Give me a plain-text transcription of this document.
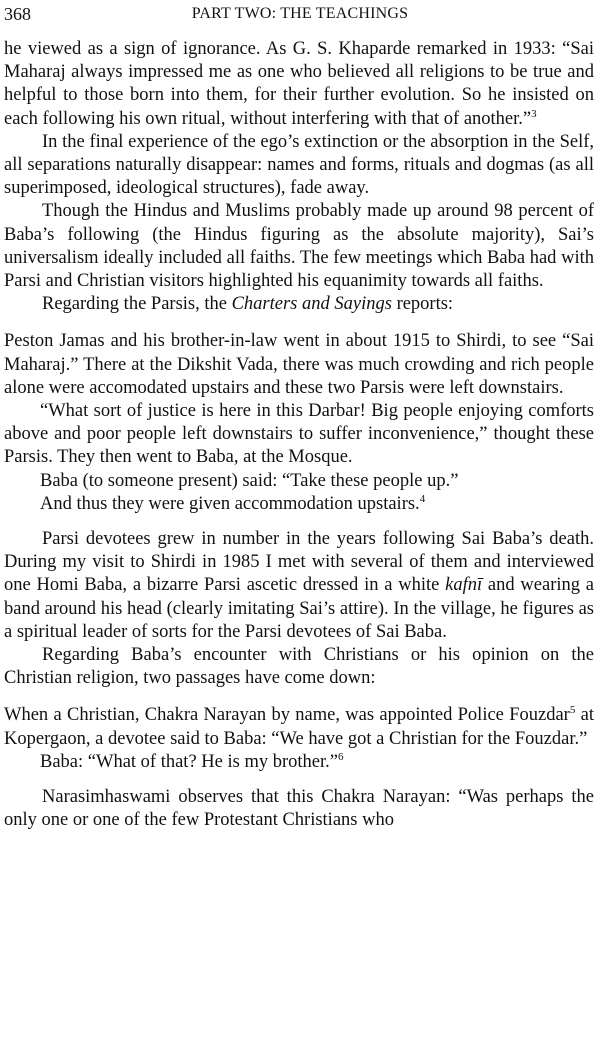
368	PART TWO: THE TEACHINGS

he viewed as a sign of ignorance. As G. S. Khaparde remarked in 1933: “Sai Maharaj always impressed me as one who believed all religions to be true and helpful to those born into them, for their further evolution. So he insisted on each following his own ritual, without interfering with that of another.”$^3$

In the final experience of the ego’s extinction or the absorption in the Self, all separations naturally disappear: names and forms, rituals and dogmas (as all superimposed, ideological structures), fade away.

Though the Hindus and Muslims probably made up around 98 percent of Baba’s following (the Hindus figuring as the absolute majority), Sai’s universalism ideally included all faiths. The few meetings which Baba had with Parsi and Christian visitors highlighted his equanimity towards all faiths.

Regarding the Parsis, the Charters and Sayings reports:

Peston Jamas and his brother-in-law went in about 1915 to Shirdi, to see “Sai Maharaj.” There at the Dikshit Vada, there was much crowding and rich people alone were accomodated upstairs and these two Parsis were left downstairs.

“What sort of justice is here in this Darbar! Big people enjoying comforts above and poor people left downstairs to suffer inconvenience,” thought these Parsis. They then went to Baba, at the Mosque.

Baba (to someone present) said: “Take these people up.”

And thus they were given accommodation upstairs.$^4$

Parsi devotees grew in number in the years following Sai Baba’s death. During my visit to Shirdi in 1985 I met with several of them and interviewed one Homi Baba, a bizarre Parsi ascetic dressed in a white kafnī and wearing a band around his head (clearly imitating Sai’s attire). In the village, he figures as a spiritual leader of sorts for the Parsi devotees of Sai Baba.

Regarding Baba’s encounter with Christians or his opinion on the Christian religion, two passages have come down:

When a Christian, Chakra Narayan by name, was appointed Police Fouzdar$^5$ at Kopergaon, a devotee said to Baba: “We have got a Christian for the Fouzdar.”

Baba: “What of that? He is my brother.”$^6$

Narasimhaswami observes that this Chakra Narayan: “Was perhaps the only one or one of the few Protestant Christians who
